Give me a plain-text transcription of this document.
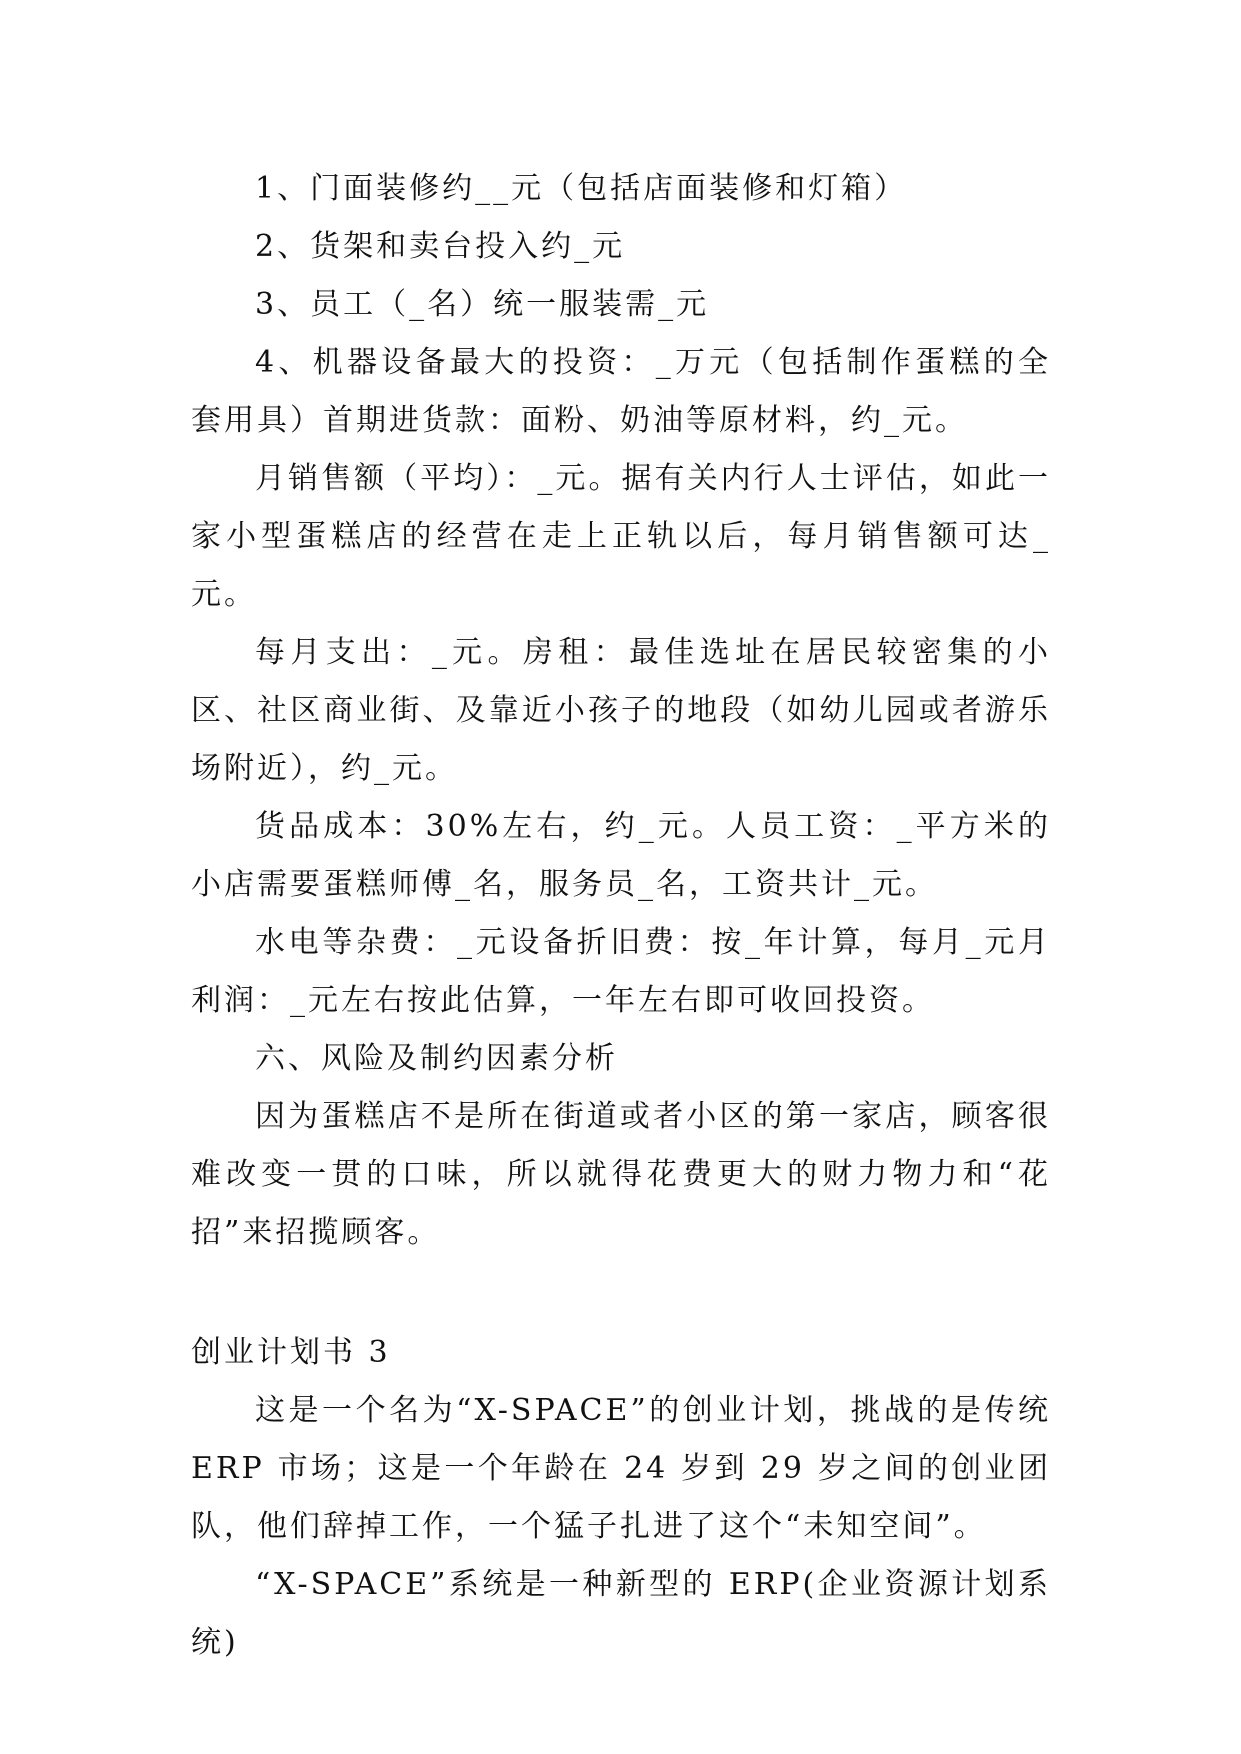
1、门面装修约__元（包括店面装修和灯箱）

2、货架和卖台投入约_元

3、员工（_名）统一服装需_元

4、机器设备最大的投资：_万元（包括制作蛋糕的全套用具）首期进货款：面粉、奶油等原材料，约_元。

月销售额（平均）：_元。据有关内行人士评估，如此一家小型蛋糕店的经营在走上正轨以后，每月销售额可达_元。

每月支出：_元。房租：最佳选址在居民较密集的小区、社区商业街、及靠近小孩子的地段（如幼儿园或者游乐场附近），约_元。

货品成本：30%左右，约_元。人员工资：_平方米的小店需要蛋糕师傅_名，服务员_名，工资共计_元。

水电等杂费：_元设备折旧费：按_年计算，每月_元月利润：_元左右按此估算，一年左右即可收回投资。

六、风险及制约因素分析

因为蛋糕店不是所在街道或者小区的第一家店，顾客很难改变一贯的口味，所以就得花费更大的财力物力和“花招”来招揽顾客。

创业计划书 3

这是一个名为“X-SPACE”的创业计划，挑战的是传统 ERP 市场；这是一个年龄在 24 岁到 29 岁之间的创业团队，他们辞掉工作，一个猛子扎进了这个“未知空间”。

“X-SPACE”系统是一种新型的 ERP(企业资源计划系统)
